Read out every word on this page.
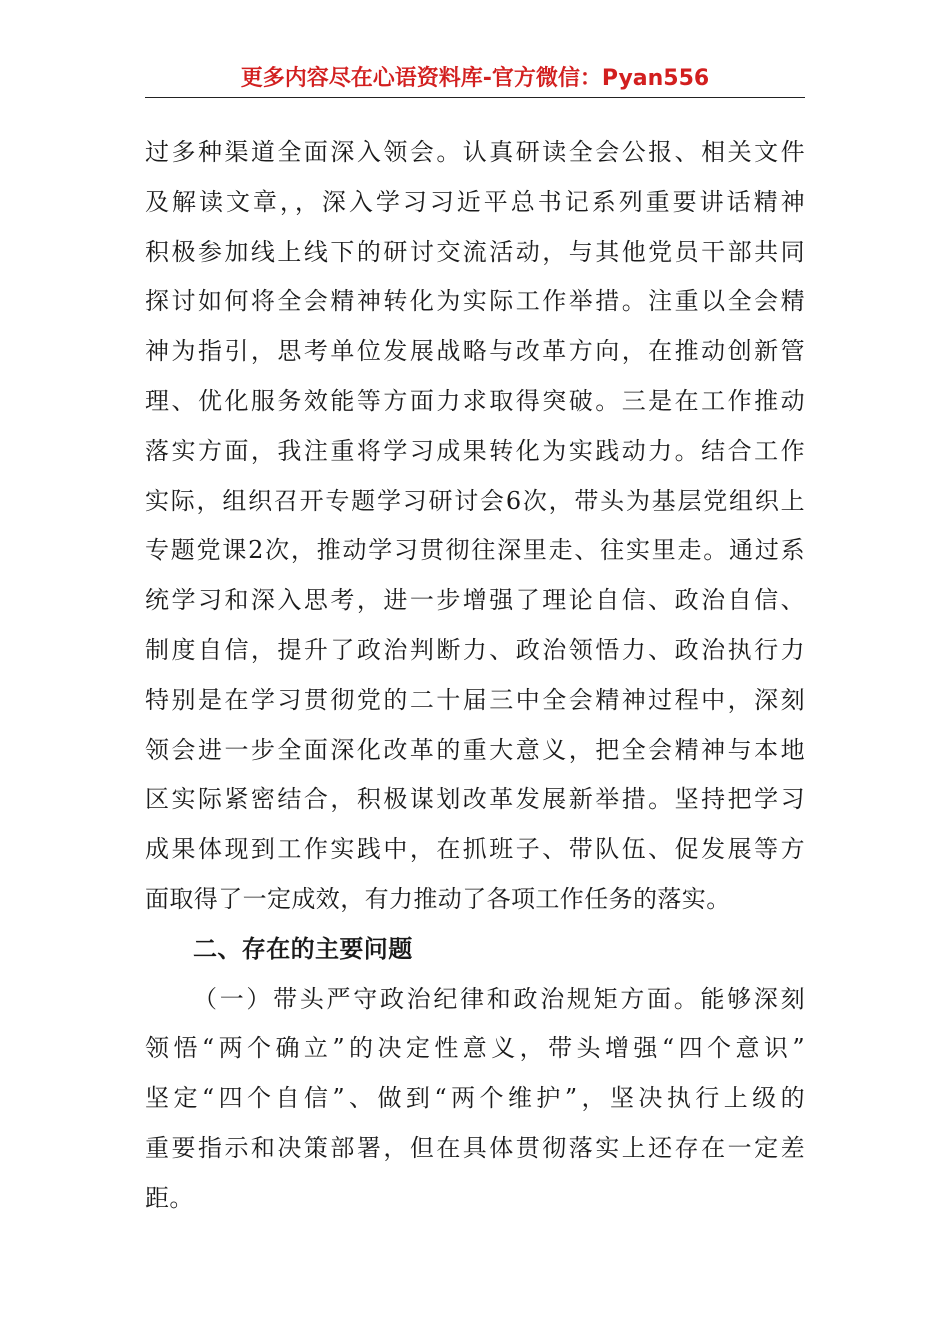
更多内容尽在心语资料库-官方微信：Pyan556
过多种渠道全面深入领会。认真研读全会公报、相关文件
及解读文章，，深入学习习近平总书记系列重要讲话精神
积极参加线上线下的研讨交流活动，与其他党员干部共同
探讨如何将全会精神转化为实际工作举措。注重以全会精
神为指引，思考单位发展战略与改革方向，在推动创新管
理、优化服务效能等方面力求取得突破。三是在工作推动
落实方面，我注重将学习成果转化为实践动力。结合工作
实际，组织召开专题学习研讨会6次，带头为基层党组织上
专题党课2次，推动学习贯彻往深里走、往实里走。通过系
统学习和深入思考，进一步增强了理论自信、政治自信、
制度自信，提升了政治判断力、政治领悟力、政治执行力
特别是在学习贯彻党的二十届三中全会精神过程中，深刻
领会进一步全面深化改革的重大意义，把全会精神与本地
区实际紧密结合，积极谋划改革发展新举措。坚持把学习
成果体现到工作实践中，在抓班子、带队伍、促发展等方
面取得了一定成效，有力推动了各项工作任务的落实。
二、存在的主要问题
（一）带头严守政治纪律和政治规矩方面。能够深刻
领悟“两个确立”的决定性意义，带头增强“四个意识”
坚定“四个自信”、做到“两个维护”，坚决执行上级的
重要指示和决策部署，但在具体贯彻落实上还存在一定差
距。
